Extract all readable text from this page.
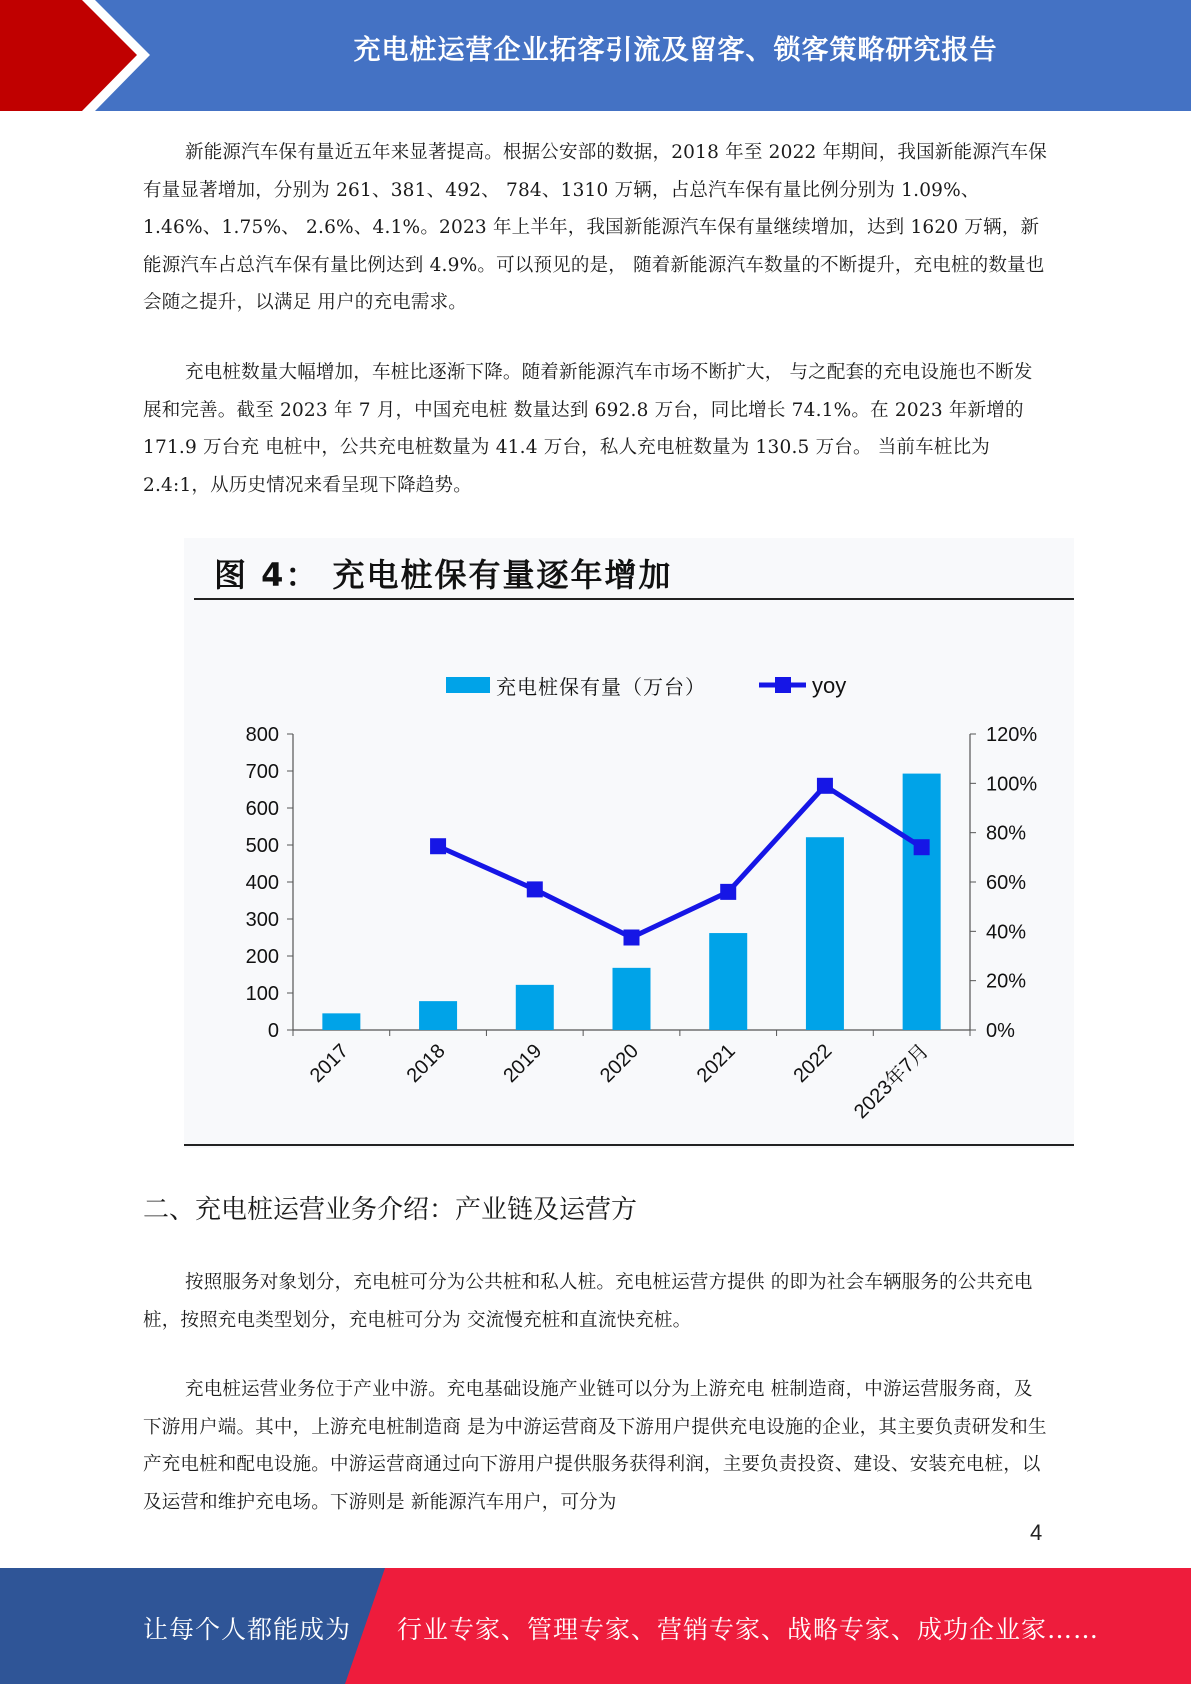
充电桩运营企业拓客引流及留客、锁客策略研究报告

新能源汽车保有量近五年来显著提高。根据公安部的数据，2018 年至 2022 年期间，我国新能源汽车保有量显著增加，分别为 261、381、492、 784、1310 万辆，占总汽车保有量比例分别为 1.09%、1.46%、1.75%、 2.6%、4.1%。2023 年上半年，我国新能源汽车保有量继续增加，达到 1620 万辆，新能源汽车占总汽车保有量比例达到 4.9%。可以预见的是， 随着新能源汽车数量的不断提升，充电桩的数量也会随之提升，以满足 用户的充电需求。

充电桩数量大幅增加，车桩比逐渐下降。随着新能源汽车市场不断扩大， 与之配套的充电设施也不断发展和完善。截至 2023 年 7 月，中国充电桩 数量达到 692.8 万台，同比增长 74.1%。在 2023 年新增的 171.9 万台充 电桩中，公共充电桩数量为 41.4 万台，私人充电桩数量为 130.5 万台。 当前车桩比为 2.4:1，从历史情况来看呈现下降趋势。

图 4： 充电桩保有量逐年增加
0
100
200
300
400
500
600
700
800
0%
20%
40%
60%
80%
100%
120%
2017 2018 2019 2020 2021 2022 2023年7月
充电桩保有量（万台）	yoy
二、充电桩运营业务介绍：产业链及运营方

按照服务对象划分，充电桩可分为公共桩和私人桩。充电桩运营方提供 的即为社会车辆服务的公共充电桩，按照充电类型划分，充电桩可分为 交流慢充桩和直流快充桩。

充电桩运营业务位于产业中游。充电基础设施产业链可以分为上游充电 桩制造商，中游运营服务商，及下游用户端。其中，上游充电桩制造商 是为中游运营商及下游用户提供充电设施的企业，其主要负责研发和生 产充电桩和配电设施。中游运营商通过向下游用户提供服务获得利润，主要负责投资、建设、安装充电桩，以及运营和维护充电场。下游则是 新能源汽车用户，可分为

4
让每个人都能成为 行业专家、管理专家、营销专家、战略专家、成功企业家……
